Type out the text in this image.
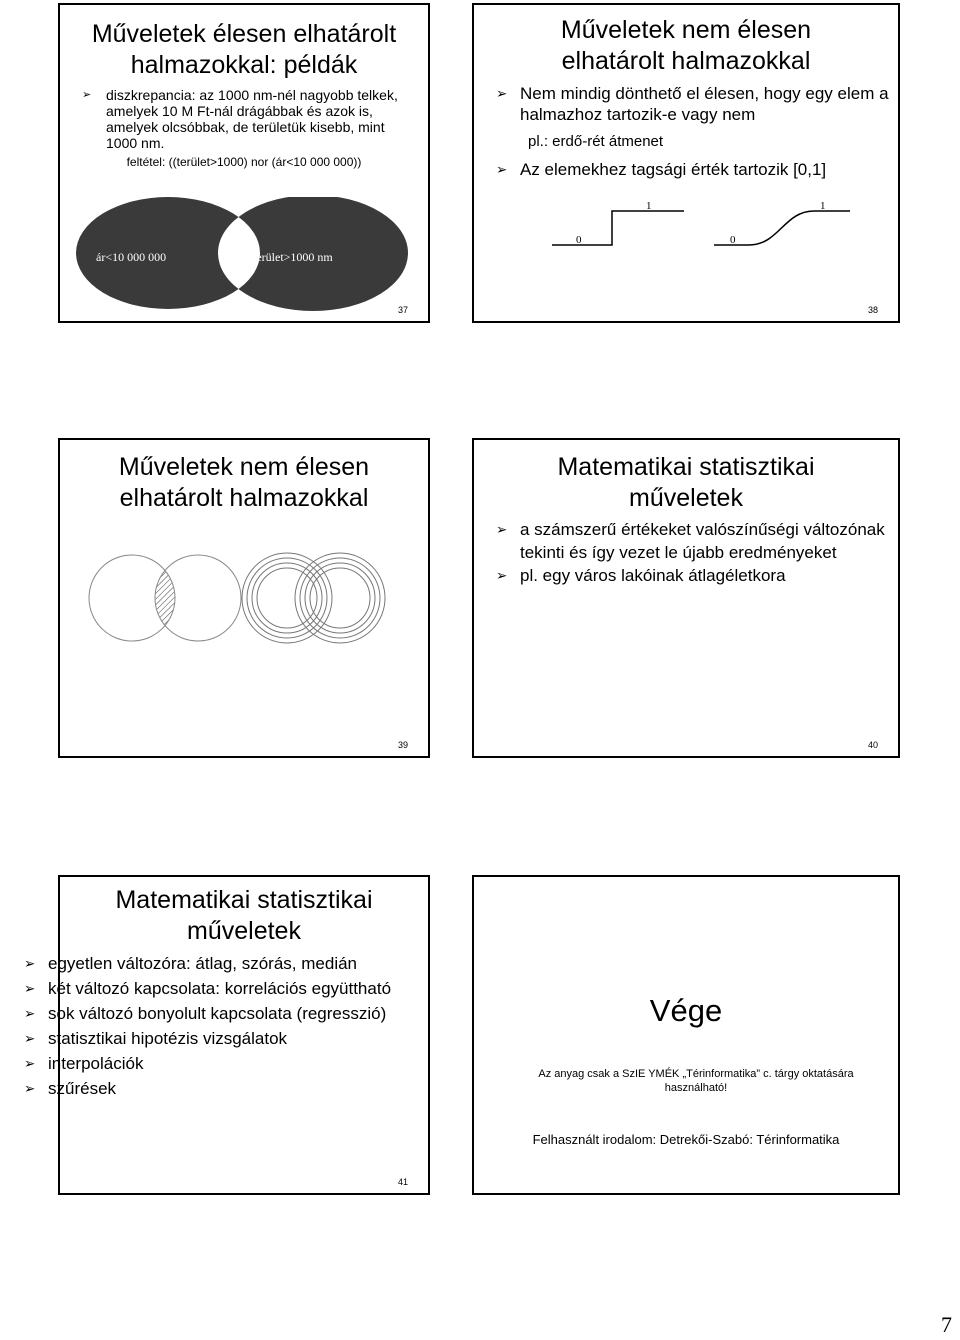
Műveletek élesen elhatárolt
halmazokkal: példák
➢ diszkrepancia: az 1000 nm-nél nagyobb telkek, amelyek 10 M Ft-nál drágábbak és azok is, amelyek olcsóbbak, de területük kisebb, mint 1000 nm.
feltétel: ((terület>1000) nor (ár<10 000 000))
ár<10 000 000	terület>1000 nm
37
Műveletek nem élesen
elhatárolt halmazokkal
➢ Nem mindig dönthető el élesen, hogy egy elem a halmazhoz tartozik-e vagy nem
pl.: erdő-rét átmenet
➢ Az elemekhez tagsági érték tartozik [0,1]
0
1
0
1
38
Műveletek nem élesen
elhatárolt halmazokkal
39
Matematikai statisztikai
műveletek
➢ a számszerű értékeket valószínűségi változónak tekinti és így vezet le újabb eredményeket
➢ pl. egy város lakóinak átlagéletkora
40
Matematikai statisztikai
műveletek
➢ egyetlen változóra: átlag, szórás, medián
➢ két változó kapcsolata: korrelációs együttható
➢ sok változó bonyolult kapcsolata (regresszió)
➢ statisztikai hipotézis vizsgálatok
➢ interpolációk
➢ szűrések
41
Vége
Az anyag csak a SzIE YMÉK „Térinformatika” c. tárgy oktatására használható!
Felhasznált irodalom: Detrekői-Szabó: Térinformatika
7
